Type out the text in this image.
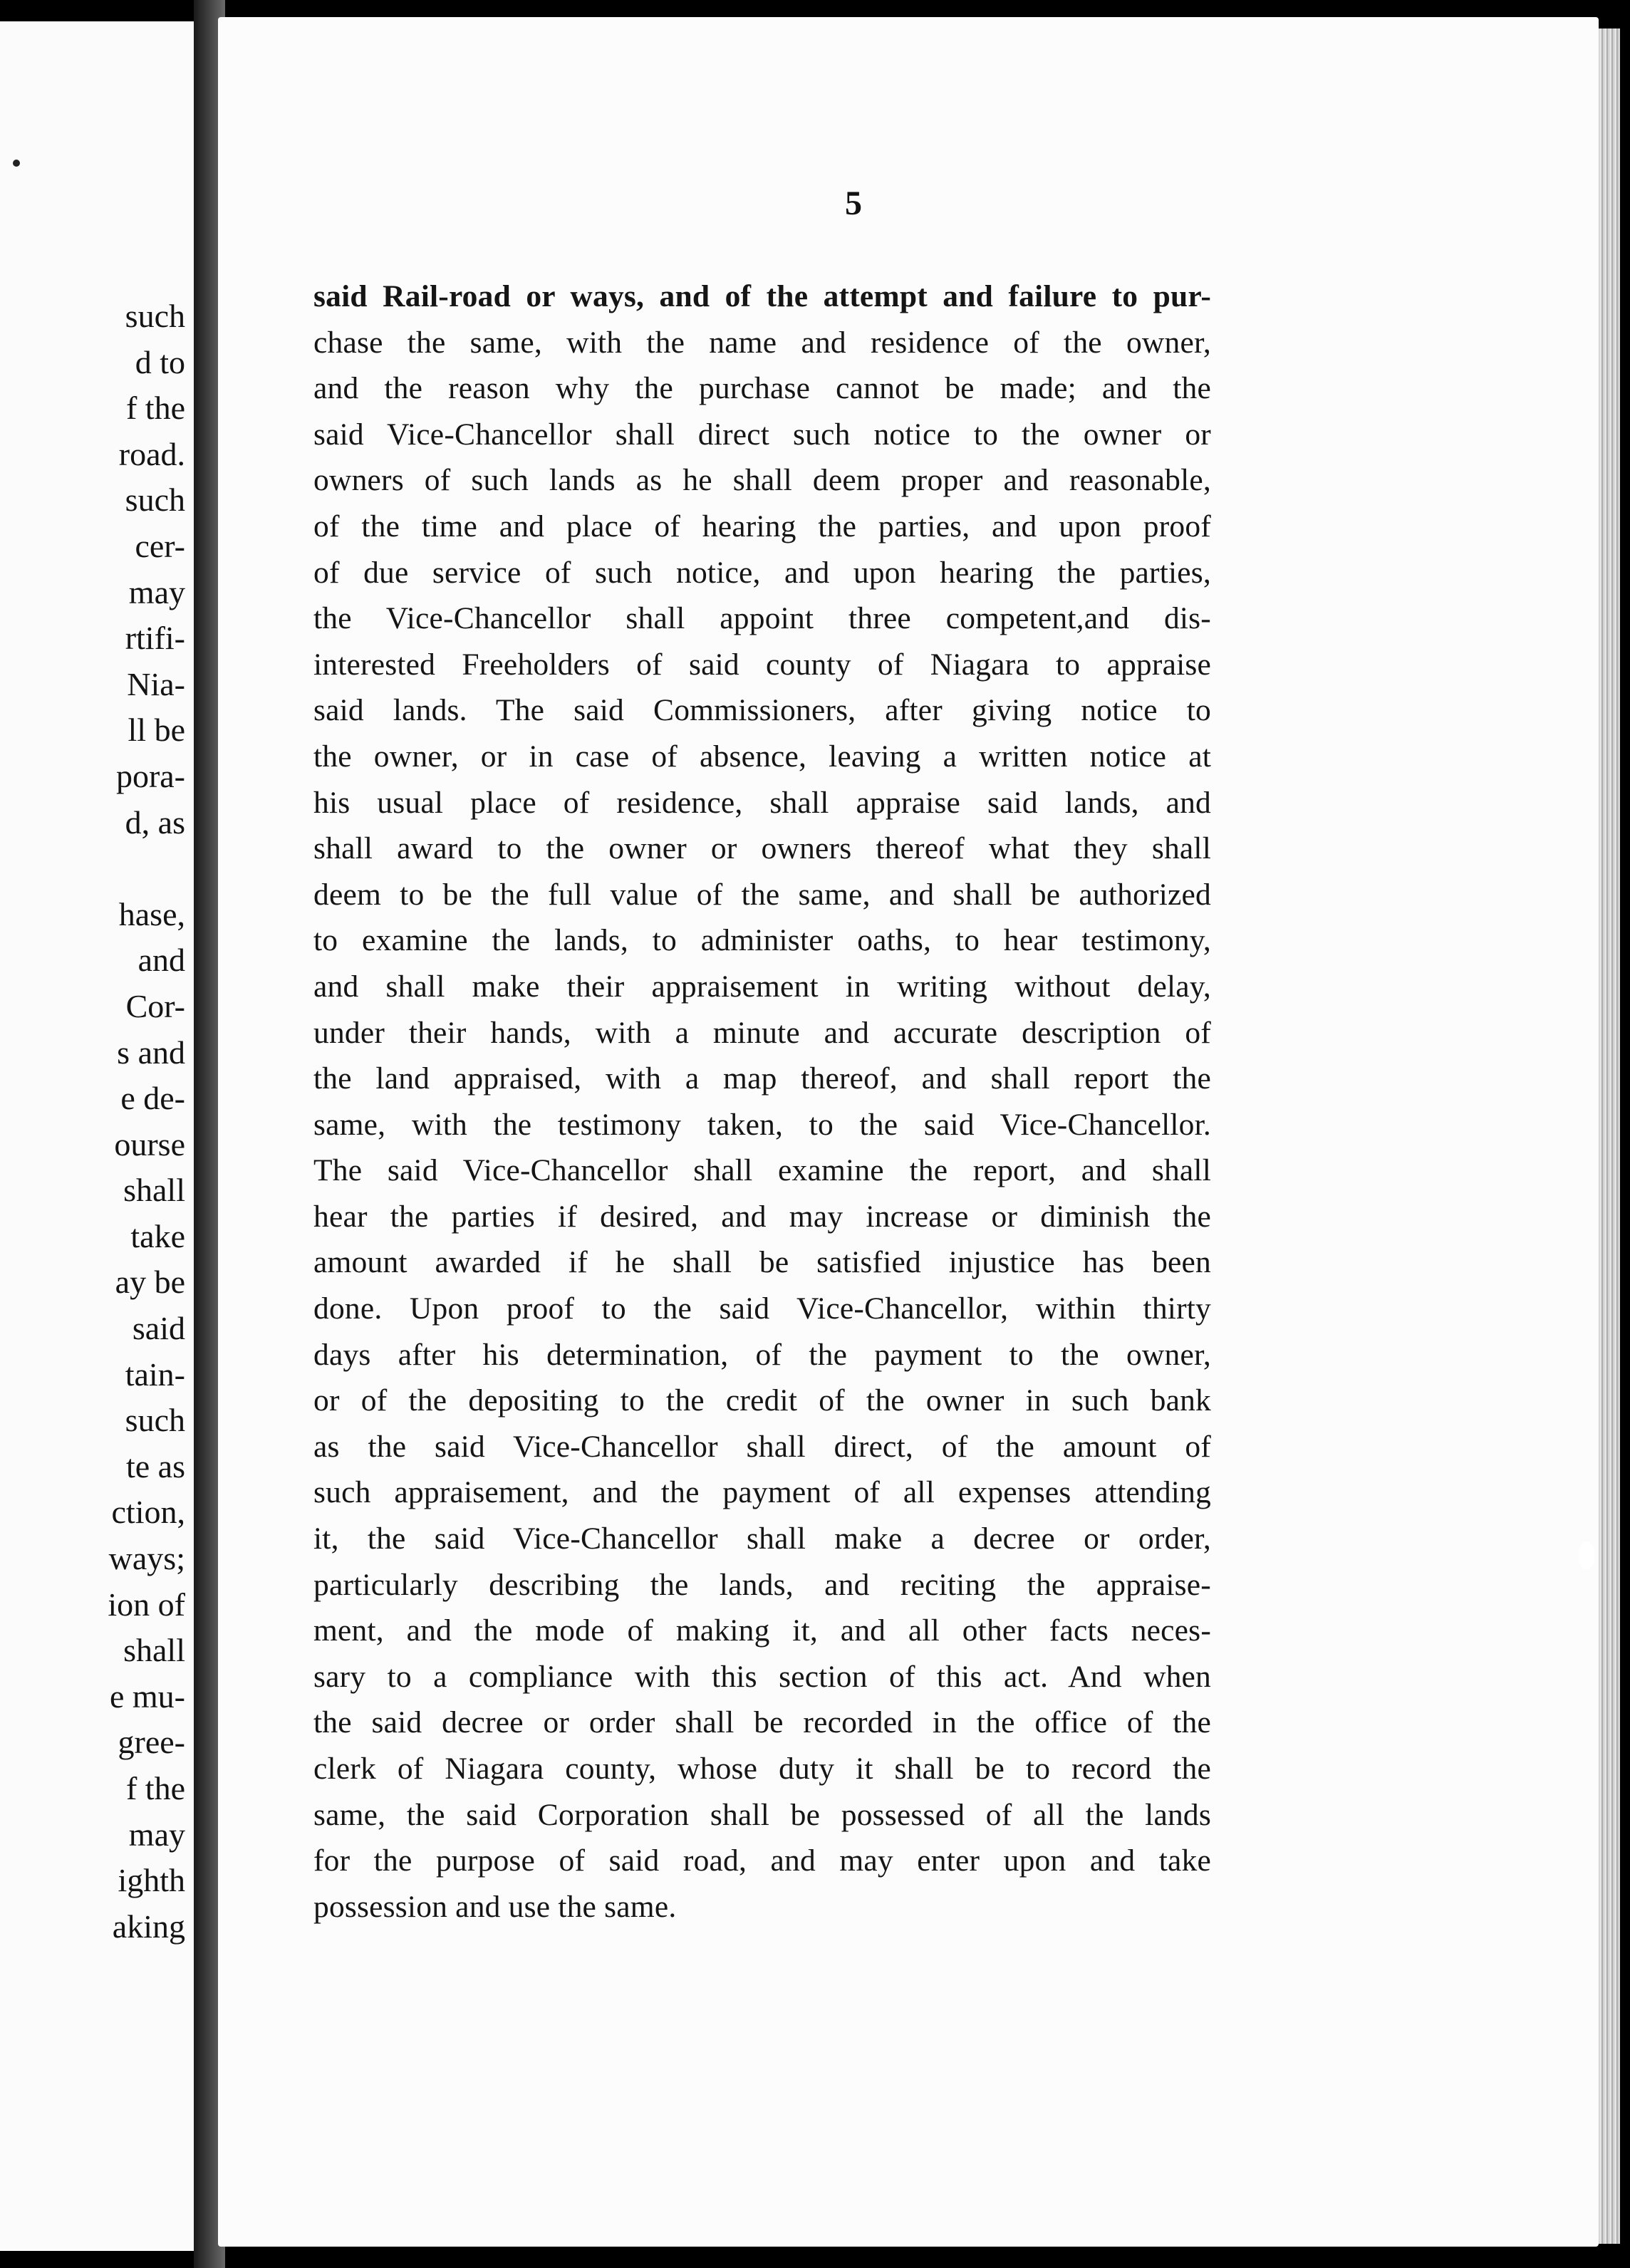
such
d to
f the
road.
such
cer-
may
rtifi-
Nia-
ll be
pora-
d, as
hase,
and
Cor-
s and
e de-
ourse
shall
take
ay be
said
tain-
such
te as
ction,
ways;
ion of
shall
e mu-
gree-
f the
may
ighth
aking
5
said Rail-road or ways, and of the attempt and failure to pur-
chase the same, with the name and residence of the owner,
and the reason why the purchase cannot be made; and the
said Vice-Chancellor shall direct such notice to the owner or
owners of such lands as he shall deem proper and reasonable,
of the time and place of hearing the parties, and upon proof
of due service of such notice, and upon hearing the parties,
the Vice-Chancellor shall appoint three competent,and dis-
interested Freeholders of said county of Niagara to appraise
said lands. The said Commissioners, after giving notice to
the owner, or in case of absence, leaving a written notice at
his usual place of residence, shall appraise said lands, and
shall award to the owner or owners thereof what they shall
deem to be the full value of the same, and shall be authorized
to examine the lands, to administer oaths, to hear testimony,
and shall make their appraisement in writing without delay,
under their hands, with a minute and accurate description of
the land appraised, with a map thereof, and shall report the
same, with the testimony taken, to the said Vice-Chancellor.
The said Vice-Chancellor shall examine the report, and shall
hear the parties if desired, and may increase or diminish the
amount awarded if he shall be satisfied injustice has been
done. Upon proof to the said Vice-Chancellor, within thirty
days after his determination, of the payment to the owner,
or of the depositing to the credit of the owner in such bank
as the said Vice-Chancellor shall direct, of the amount of
such appraisement, and the payment of all expenses attending
it, the said Vice-Chancellor shall make a decree or order,
particularly describing the lands, and reciting the appraise-
ment, and the mode of making it, and all other facts neces-
sary to a compliance with this section of this act. And when
the said decree or order shall be recorded in the office of the
clerk of Niagara county, whose duty it shall be to record the
same, the said Corporation shall be possessed of all the lands
for the purpose of said road, and may enter upon and take
possession and use the same.
